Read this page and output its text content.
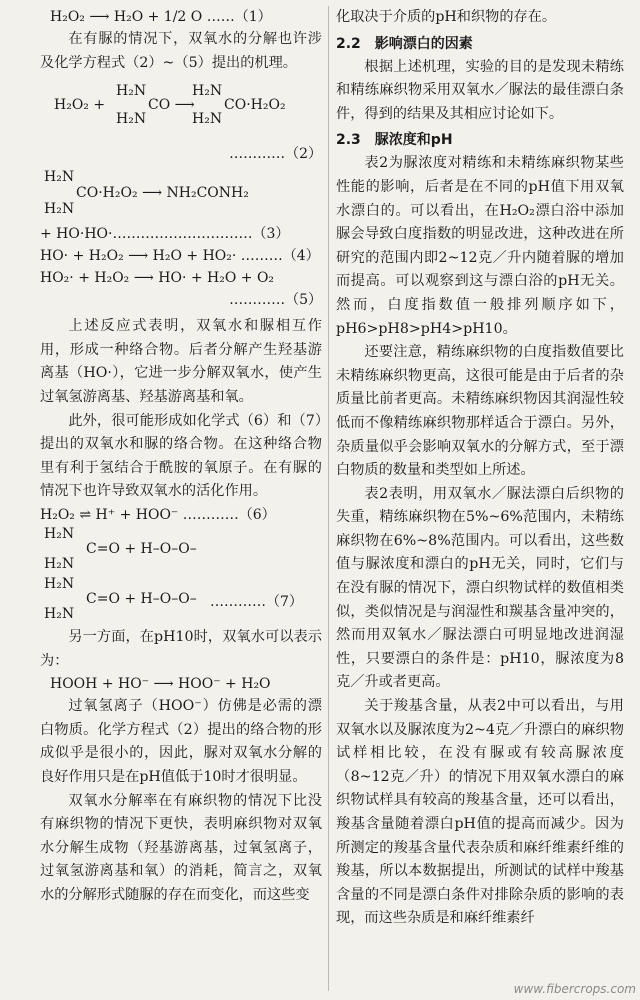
H₂O₂ ⟶ H₂O + 1/2 O ……（1）

在有脲的情况下，双氧水的分解也许涉及化学方程式（2）~（5）提出的机理。

H₂O₂ +
H₂N
CO ⟶
H₂N
H₂N
CO·H₂O₂
H₂N
…………（2）
H₂N
CO·H₂O₂ ⟶ NH₂CONH₂
H₂N
+ HO·HO·…………………………（3）
HO· + H₂O₂ ⟶ H₂O + HO₂· ………（4）
HO₂· + H₂O₂ ⟶ HO· + H₂O + O₂
…………（5）

上述反应式表明，双氧水和脲相互作用，形成一种络合物。后者分解产生羟基游离基（HO·），它进一步分解双氧水，使产生过氧氢游离基、羟基游离基和氧。

此外，很可能形成如化学式（6）和（7）提出的双氧水和脲的络合物。在这种络合物里有利于氢结合于酰胺的氧原子。在有脲的情况下也许导致双氧水的活化作用。

H₂O₂ ⇌ H⁺ + HOO⁻ …………（6）
H₂N
C=O + H–O–O–
H₂N
H₂N
C=O + H–O–O–
H₂N
…………（7）

另一方面，在pH10时，双氧水可以表示为：

HOOH + HO⁻ ⟶ HOO⁻ + H₂O

过氧氢离子（HOO⁻）仿佛是必需的漂白物质。化学方程式（2）提出的络合物的形成似乎是很小的，因此，脲对双氧水分解的良好作用只是在pH值低于10时才很明显。

双氧水分解率在有麻织物的情况下比没有麻织物的情况下更快，表明麻织物对双氧水分解生成物（羟基游离基，过氧氢离子，过氧氢游离基和氧）的消耗，简言之，双氧水的分解形式随脲的存在而变化，而这些变

化取决于介质的pH和织物的存在。

2.2　影响漂白的因素

根据上述机理，实验的目的是发现未精练和精练麻织物采用双氧水／脲法的最佳漂白条件，得到的结果及其相应讨论如下。

2.3　脲浓度和pH

表2为脲浓度对精练和未精练麻织物某些性能的影响，后者是在不同的pH值下用双氧水漂白的。可以看出，在H₂O₂漂白浴中添加脲会导致白度指数的明显改进，这种改进在所研究的范围内即2~12克／升内随着脲的增加而提高。可以观察到这与漂白浴的pH无关。然而，白度指数值一般排列顺序如下，pH6>pH8>pH4>pH10。

还要注意，精练麻织物的白度指数值要比未精练麻织物更高，这很可能是由于后者的杂质量比前者更高。未精练麻织物因其润湿性较低而不像精练麻织物那样适合于漂白。另外，杂质量似乎会影响双氧水的分解方式，至于漂白物质的数量和类型如上所述。

表2表明，用双氧水／脲法漂白后织物的失重，精练麻织物在5%~6%范围内，未精练麻织物在6%~8%范围内。可以看出，这些数值与脲浓度和漂白的pH无关，同时，它们与在没有脲的情况下，漂白织物试样的数值相类似，类似情况是与润湿性和羰基含量冲突的，然而用双氧水／脲法漂白可明显地改进润湿性，只要漂白的条件是：pH10，脲浓度为8克／升或者更高。

关于羧基含量，从表2中可以看出，与用双氧水以及脲浓度为2~4克／升漂白的麻织物试样相比较，在没有脲或有较高脲浓度（8~12克／升）的情况下用双氧水漂白的麻织物试样具有较高的羧基含量，还可以看出，羧基含量随着漂白pH值的提高而减少。因为所测定的羧基含量代表杂质和麻纤维素纤维的羧基，所以本数据提出，所测试的试样中羧基含量的不同是漂白条件对排除杂质的影响的表现，而这些杂质是和麻纤维素纤

www.fibercrops.com
